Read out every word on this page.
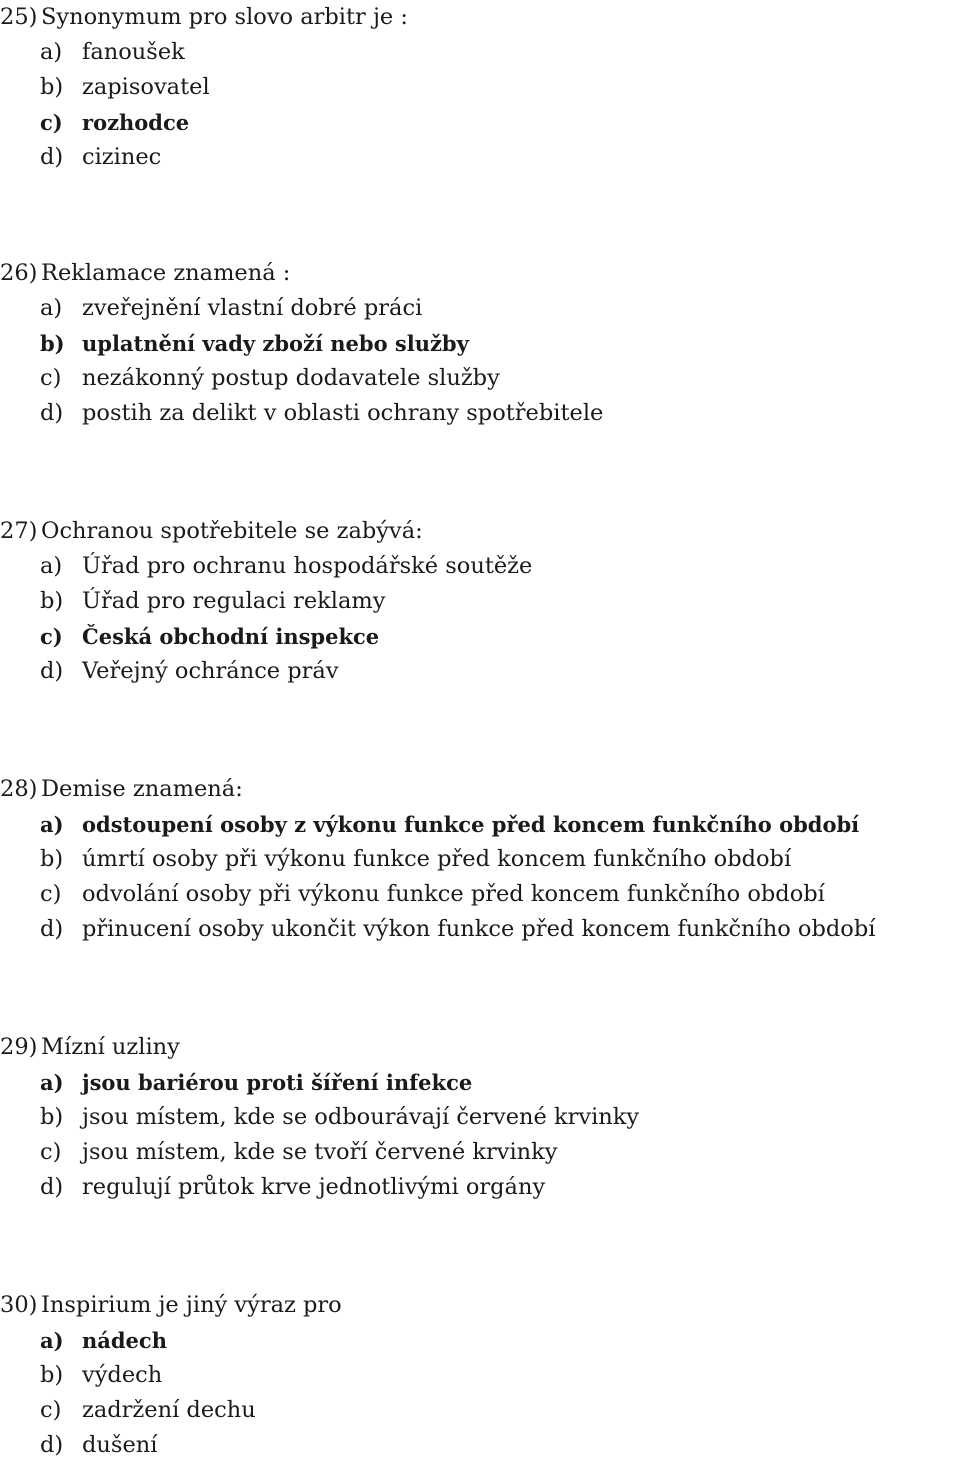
25) Synonymum pro slovo arbitr je :
a) fanoušek
b) zapisovatel
c) rozhodce
d) cizinec
26) Reklamace znamená :
a) zveřejnění vlastní dobré práci
b) uplatnění vady zboží nebo služby
c) nezákonný postup dodavatele služby
d) postih za delikt v oblasti ochrany spotřebitele
27) Ochranou spotřebitele se zabývá:
a) Úřad pro ochranu hospodářské soutěže
b) Úřad pro regulaci reklamy
c) Česká obchodní inspekce
d) Veřejný ochránce práv
28) Demise znamená:
a) odstoupení osoby z výkonu funkce před koncem funkčního období
b) úmrtí osoby při výkonu funkce před koncem funkčního období
c) odvolání osoby při výkonu funkce před koncem funkčního období
d) přinucení osoby ukončit výkon funkce před koncem funkčního období
29) Mízní uzliny
a) jsou bariérou proti šíření infekce
b) jsou místem, kde se odbourávají červené krvinky
c) jsou místem, kde se tvoří červené krvinky
d) regulují průtok krve jednotlivými orgány
30) Inspirium je jiný výraz pro
a) nádech
b) výdech
c) zadržení dechu
d) dušení
